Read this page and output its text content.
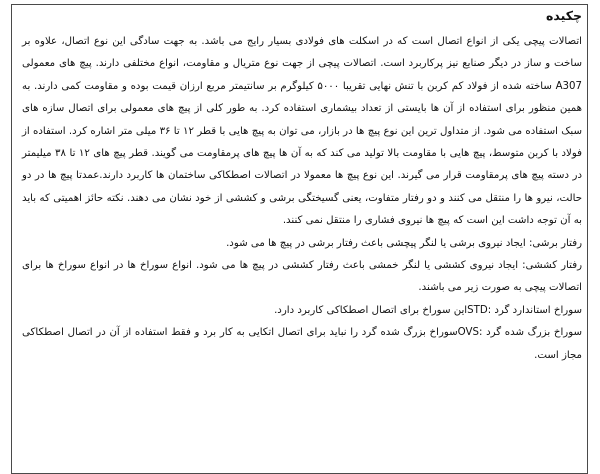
چکیده

اتصالات پیچی یکی از انواع اتصال است که در اسکلت های فولادی بسیار رایج می باشد. به جهت سادگی این نوع اتصال، علاوه بر ساخت و ساز در دیگر صنایع نیز پرکاربرد است. اتصالات پیچی از جهت نوع متریال و مقاومت، انواع مختلفی دارند. پیچ های معمولی A307 ساخته شده از فولاد کم کربن با تنش نهایی تقریبا ۵۰۰۰ کیلوگرم بر سانتیمتر مربع ارزان قیمت بوده و مقاومت کمی دارند. به همین منظور برای استفاده از آن ها بایستی از تعداد بیشماری استفاده کرد. به طور کلی از پیچ های معمولی برای اتصال سازه های سبک استفاده می شود. از متداول ترین این نوع پیچ ها در بازار، می توان به پیچ هایی با قطر ۱۲ تا ۳۶ میلی متر اشاره کرد. استفاده از فولاد با کربن متوسط، پیچ هایی با مقاومت بالا تولید می کند که به آن ها پیچ های پرمقاومت می گویند. قطر پیچ های ۱۲ تا ۳۸ میلیمتر در دسته پیچ های پرمقاومت قرار می گیرند. این نوع پیچ ها معمولا در اتصالات اصطکاکی ساختمان ها کاربرد دارند.عمدتا پیچ ها در دو حالت، نیرو ها را منتقل می کنند و دو رفتار متفاوت، یعنی گسیختگی برشی و کششی از خود نشان می دهند. نکته حائز اهمیتی که باید به آن توجه داشت این است که پیچ ها نیروی فشاری را منتقل نمی کنند.

رفتار برشی: ایجاد نیروی برشی یا لنگر پیچشی باعث رفتار برشی در پیچ ها می شود.

رفتار کششی: ایجاد نیروی کششی یا لنگر خمشی باعث رفتار کششی در پیچ ها می شود. انواع سوراخ ها در انواع سوراخ ها برای اتصالات پیچی به صورت زیر می باشند.

سوراخ استاندارد گرد :STDاین سوراخ برای اتصال اصطکاکی کاربرد دارد.

سوراخ بزرگ شده گرد :OVSسوراخ بزرگ شده گرد را نباید برای اتصال اتکایی به کار برد و فقط استفاده از آن در اتصال اصطکاکی مجاز است.
